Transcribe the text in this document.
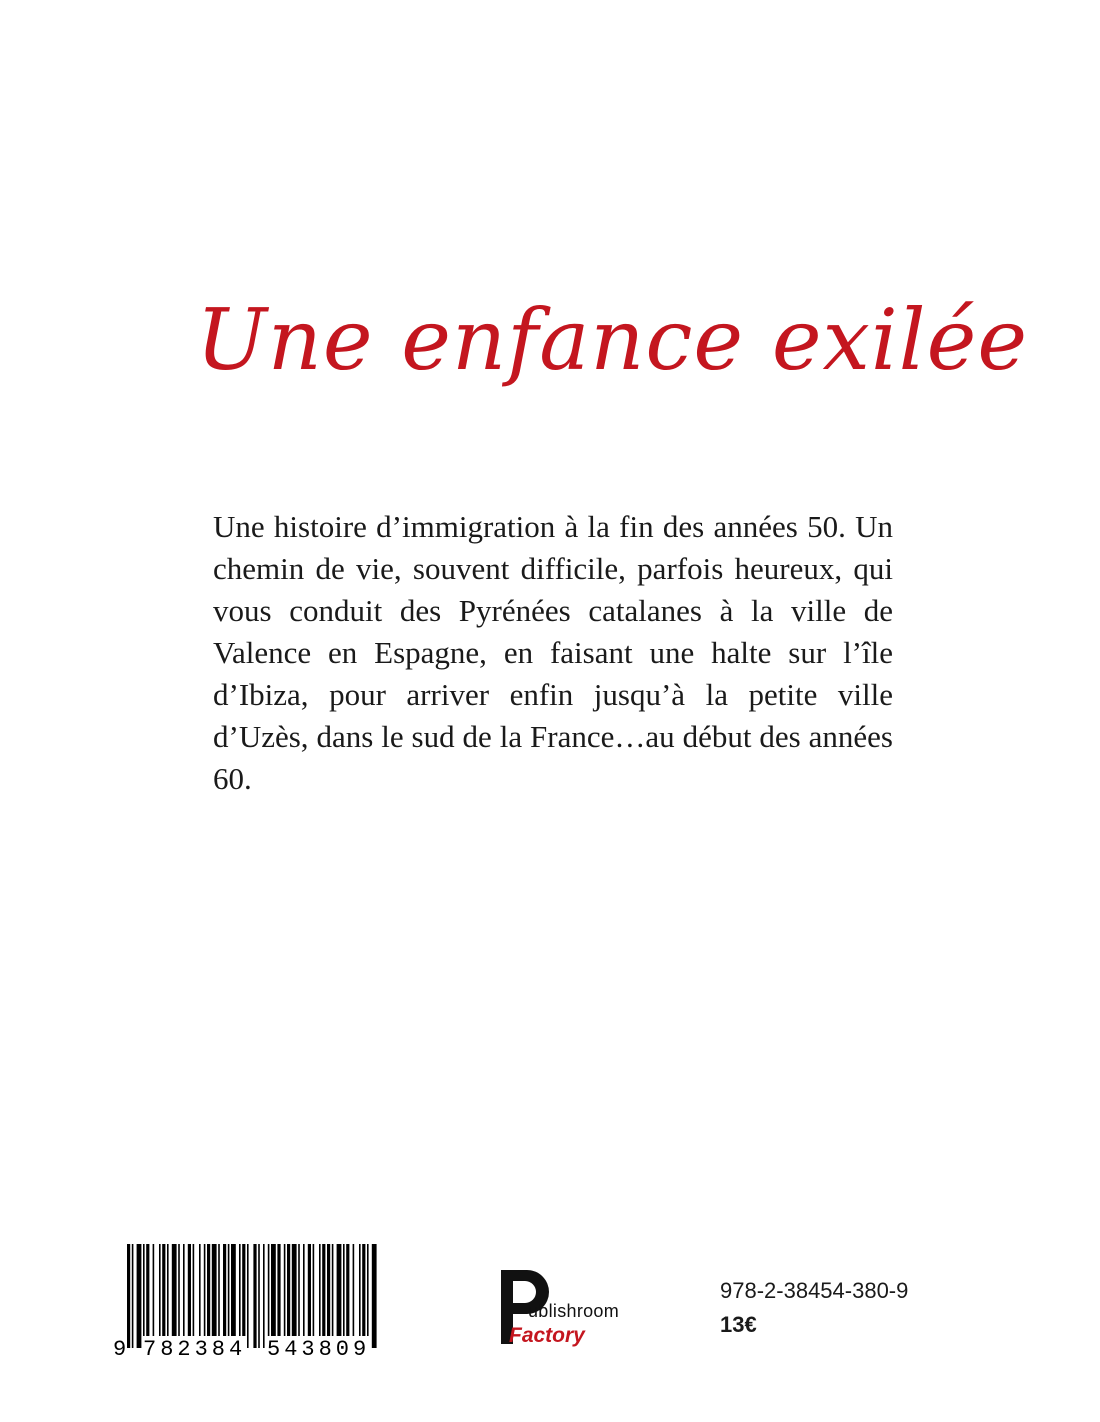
Une enfance exilée

Une histoire d’immigration à la fin des années 50. Un chemin de vie, souvent difficile, parfois heureux, qui vous conduit des Pyrénées catalanes à la ville de Valence en Espagne, en faisant une halte sur l’île d’Ibiza, pour arriver enfin jusqu’à la petite ville d’Uzès, dans le sud de la France…au début des années 60.

9 782384 543809
ublishroom
Factory
978-2-38454-380-9
13€
